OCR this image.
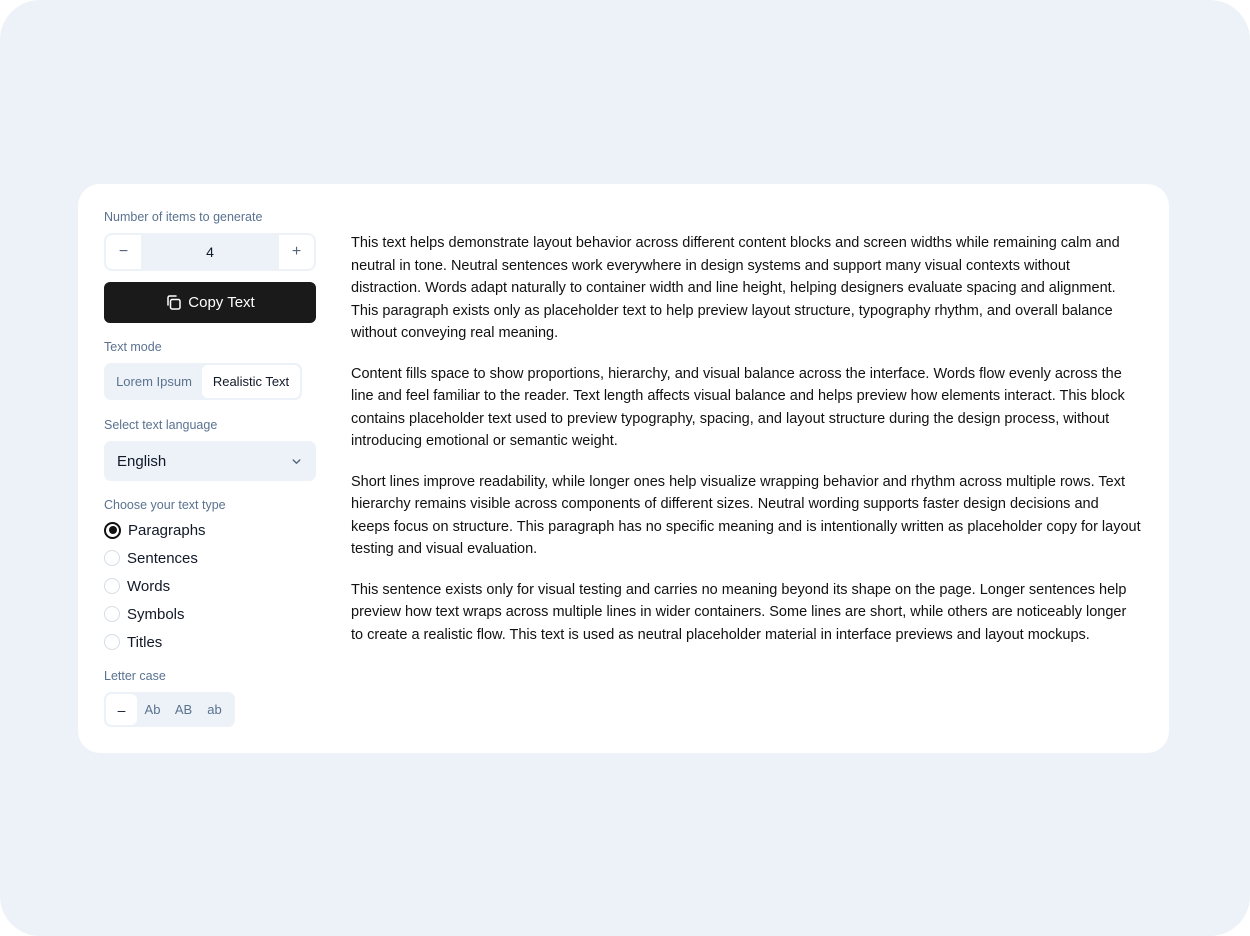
Number of items to generate
−	4	+
Copy Text
Text mode
Lorem Ipsum	Realistic Text
Select text language
English
Choose your text type
Paragraphs
Sentences
Words
Symbols
Titles
Letter case
–	Ab	AB	ab

This text helps demonstrate layout behavior across different content blocks and screen widths while remaining calm and neutral in tone. Neutral sentences work everywhere in design systems and support many visual contexts without distraction. Words adapt naturally to container width and line height, helping designers evaluate spacing and alignment. This paragraph exists only as placeholder text to help preview layout structure, typography rhythm, and overall balance without conveying real meaning.

Content fills space to show proportions, hierarchy, and visual balance across the interface. Words flow evenly across the line and feel familiar to the reader. Text length affects visual balance and helps preview how elements interact. This block contains placeholder text used to preview typography, spacing, and layout structure during the design process, without introducing emotional or semantic weight.

Short lines improve readability, while longer ones help visualize wrapping behavior and rhythm across multiple rows. Text hierarchy remains visible across components of different sizes. Neutral wording supports faster design decisions and keeps focus on structure. This paragraph has no specific meaning and is intentionally written as placeholder copy for layout testing and visual evaluation.

This sentence exists only for visual testing and carries no meaning beyond its shape on the page. Longer sentences help preview how text wraps across multiple lines in wider containers. Some lines are short, while others are noticeably longer to create a realistic flow. This text is used as neutral placeholder material in interface previews and layout mockups.
